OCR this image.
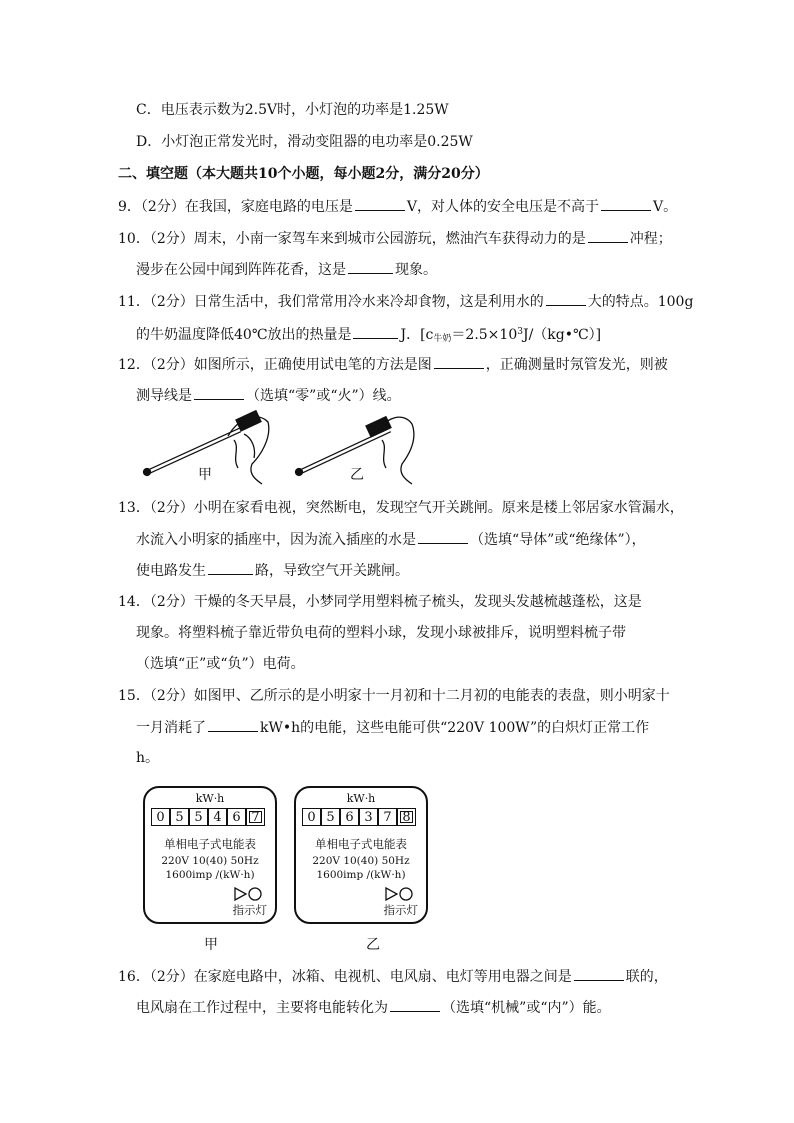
C．电压表示数为2.5V时，小灯泡的功率是1.25W
D．小灯泡正常发光时，滑动变阻器的电功率是0.25W
二、填空题（本大题共10个小题，每小题2分，满分20分）
9．（2分）在我国，家庭电路的电压是	V，对人体的安全电压是不高于	V。
10．（2分）周末，小南一家驾车来到城市公园游玩，燃油汽车获得动力的是	冲程；
漫步在公园中闻到阵阵花香，这是	现象。
11．（2分）日常生活中，我们常常用冷水来冷却食物，这是利用水的	大的特点。100g
的牛奶温度降低40℃放出的热量是	J．$[c_{牛奶}=2.5\times 10^3J/(kg•℃)]$
12．（2分）如图所示，正确使用试电笔的方法是图	，正确测量时氖管发光，则被
测导线是	（选填“零”或“火”）线。
甲	乙
13．（2分）小明在家看电视，突然断电，发现空气开关跳闸。原来是楼上邻居家水管漏水，
水流入小明家的插座中，因为流入插座的水是	（选填“导体”或“绝缘体”），
使电路发生	路，导致空气开关跳闸。
14．（2分）干燥的冬天早晨，小梦同学用塑料梳子梳头，发现头发越梳越蓬松，这是
现象。将塑料梳子靠近带负电荷的塑料小球，发现小球被排斥，说明塑料梳子带
（选填“正”或“负”）电荷。
15．（2分）如图甲、乙所示的是小明家十一月初和十二月初的电能表的表盘，则小明家十
一月消耗了	kW•h的电能，这些电能可供“220V 100W”的白炽灯正常工作
h。
kW·h
0 5 5 4 6 7
单相电子式电能表
220V 10(40) 50Hz
1600imp /(kW·h)
指示灯
甲
kW·h
0 5 6 3 7 8
单相电子式电能表
220V 10(40) 50Hz
1600imp /(kW·h)
指示灯
乙
16．（2分）在家庭电路中，冰箱、电视机、电风扇、电灯等用电器之间是	联的，
电风扇在工作过程中，主要将电能转化为	（选填“机械”或“内”）能。
